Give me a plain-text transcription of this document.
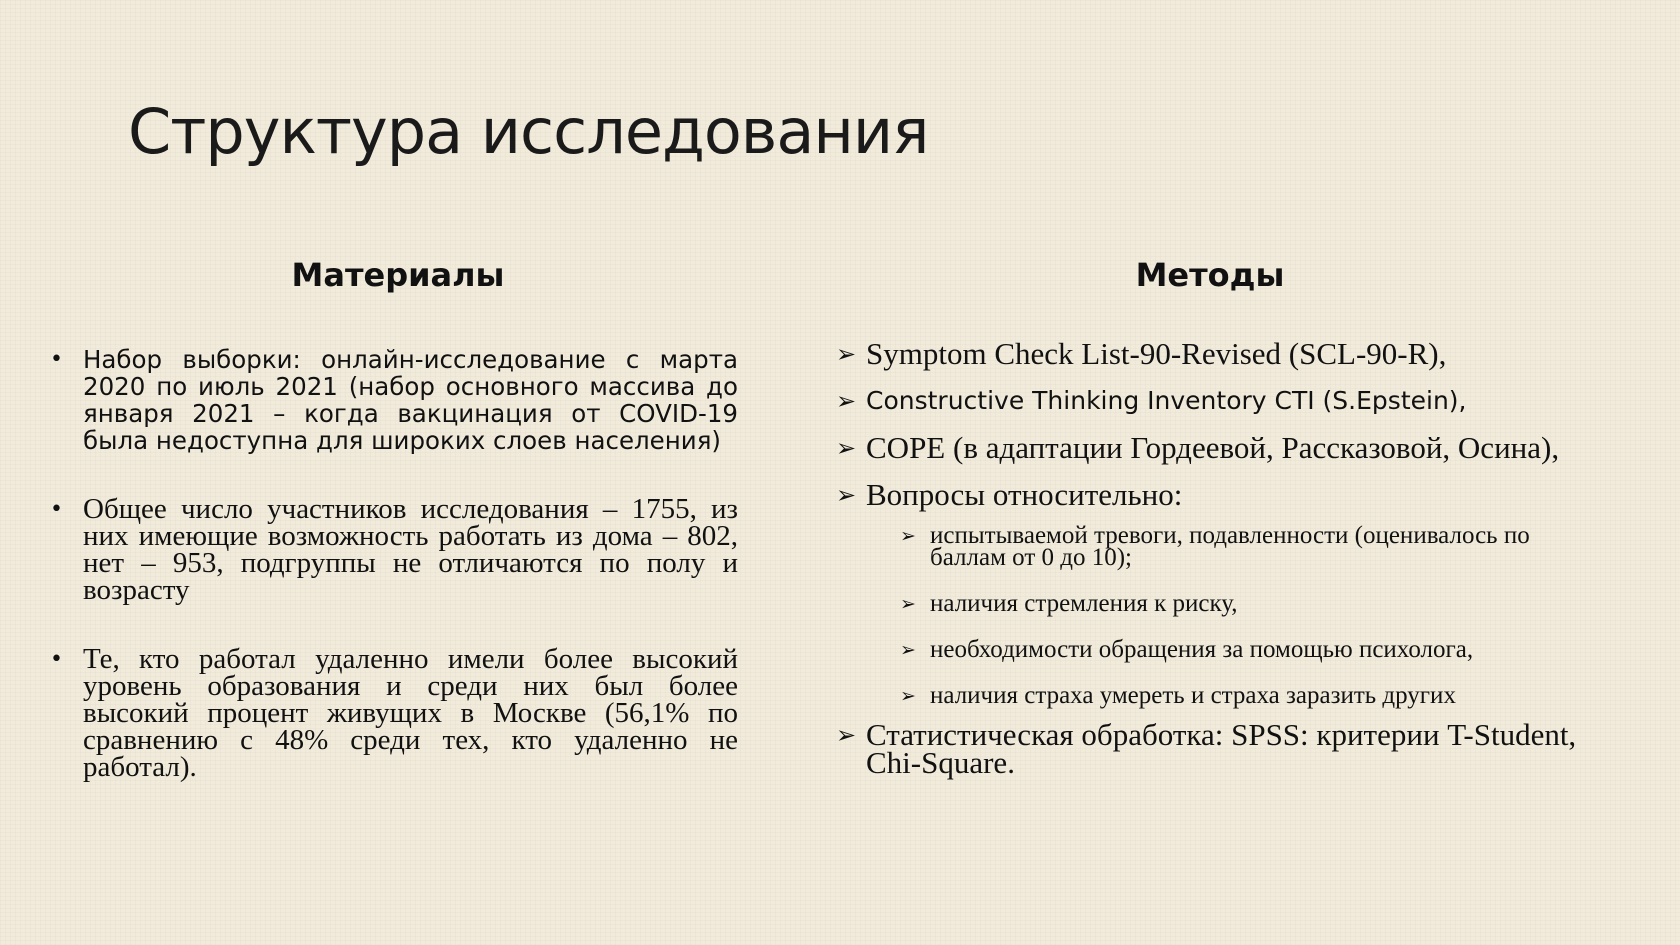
Структура исследования
Материалы	Методы
• Набор выборки: онлайн-исследование с марта 2020 по июль 2021 (набор основного массива до января 2021 – когда вакцинация от COVID-19 была недоступна для широких слоев населения)
• Общее число участников исследования – 1755, из них имеющие возможность работать из дома – 802, нет – 953, подгруппы не отличаются по полу и возрасту
• Те, кто работал удаленно имели более высокий уровень образования и среди них был более высокий процент живущих в Москве (56,1% по сравнению с 48% среди тех, кто удаленно не работал).
➢ Symptom Check List-90-Revised (SCL-90-R),
➢ Constructive Thinking Inventory CTI (S.Epstein),
➢ COPE (в адаптации Гордеевой, Рассказовой, Осина),
➢ Вопросы относительно:
➢ испытываемой тревоги, подавленности (оценивалось по баллам от 0 до 10);
➢ наличия стремления к риску,
➢ необходимости обращения за помощью психолога,
➢ наличия страха умереть и страха заразить других
➢ Статистическая обработка: SPSS: критерии T-Student, Chi-Square.
